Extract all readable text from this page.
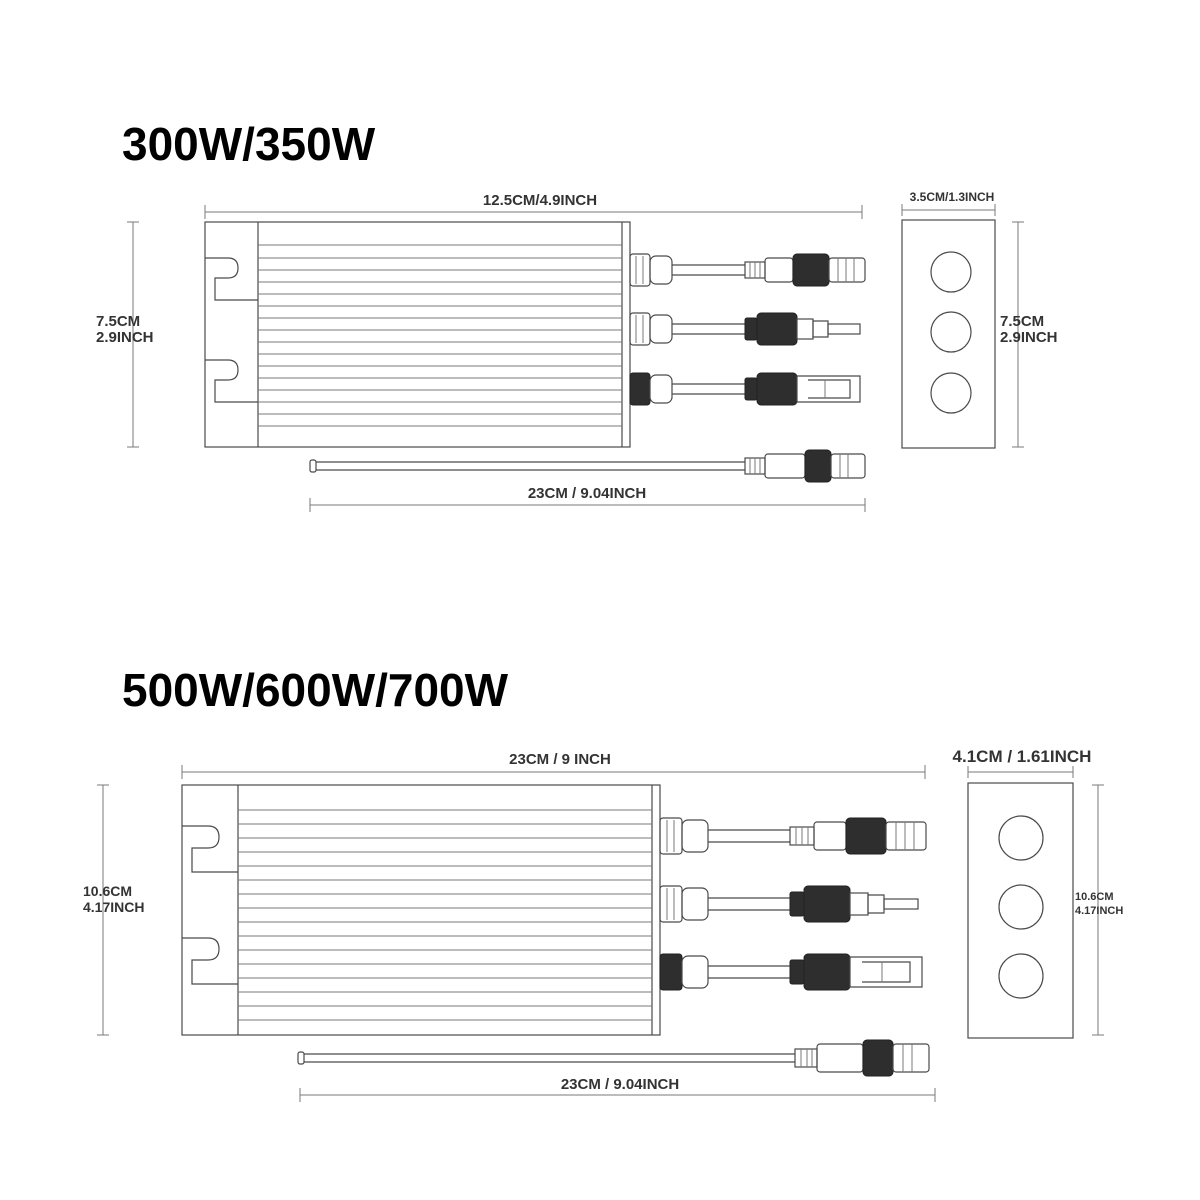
300W/350W
12.5CM/4.9INCH
7.5CM
2.9INCH
23CM / 9.04INCH
3.5CM/1.3INCH
7.5CM
2.9INCH
500W/600W/700W
23CM / 9 INCH
10.6CM
4.17INCH
23CM / 9.04INCH
4.1CM / 1.61INCH
10.6CM
4.17INCH
